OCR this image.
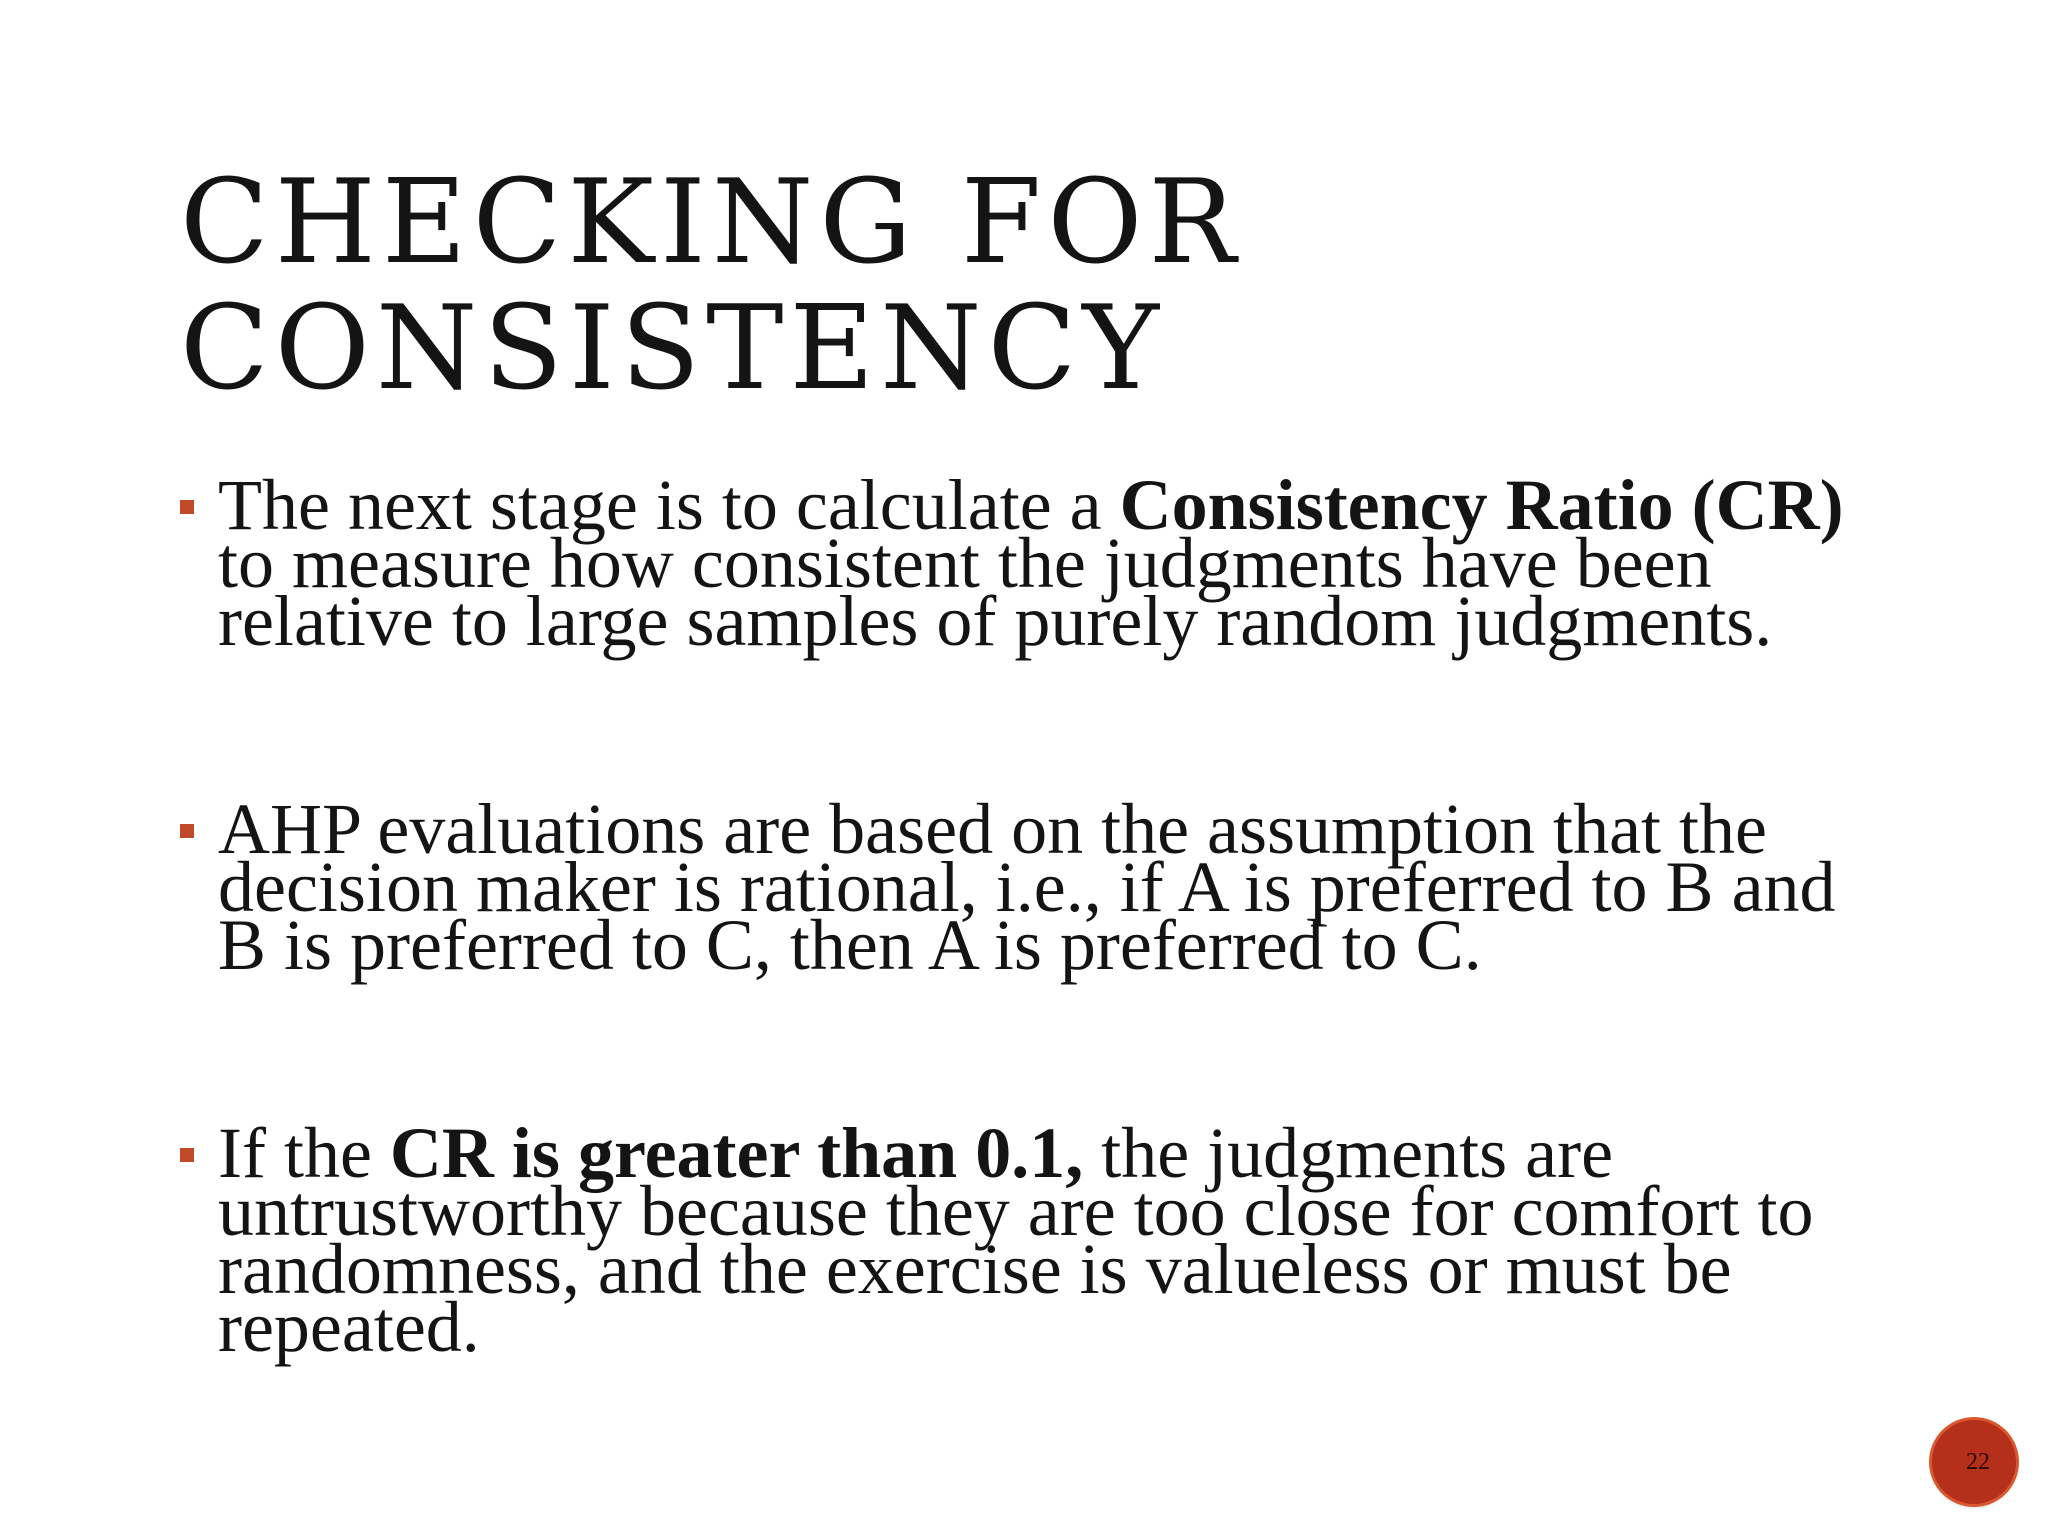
CHECKING FOR
CONSISTENCY
The next stage is to calculate a Consistency Ratio (CR) to measure how consistent the judgments have been relative to large samples of purely random judgments.
AHP evaluations are based on the assumption that the decision maker is rational, i.e., if A is preferred to B and B is preferred to C, then A is preferred to C.
If the CR is greater than 0.1, the judgments are untrustworthy because they are too close for comfort to randomness, and the exercise is valueless or must be repeated.
22
